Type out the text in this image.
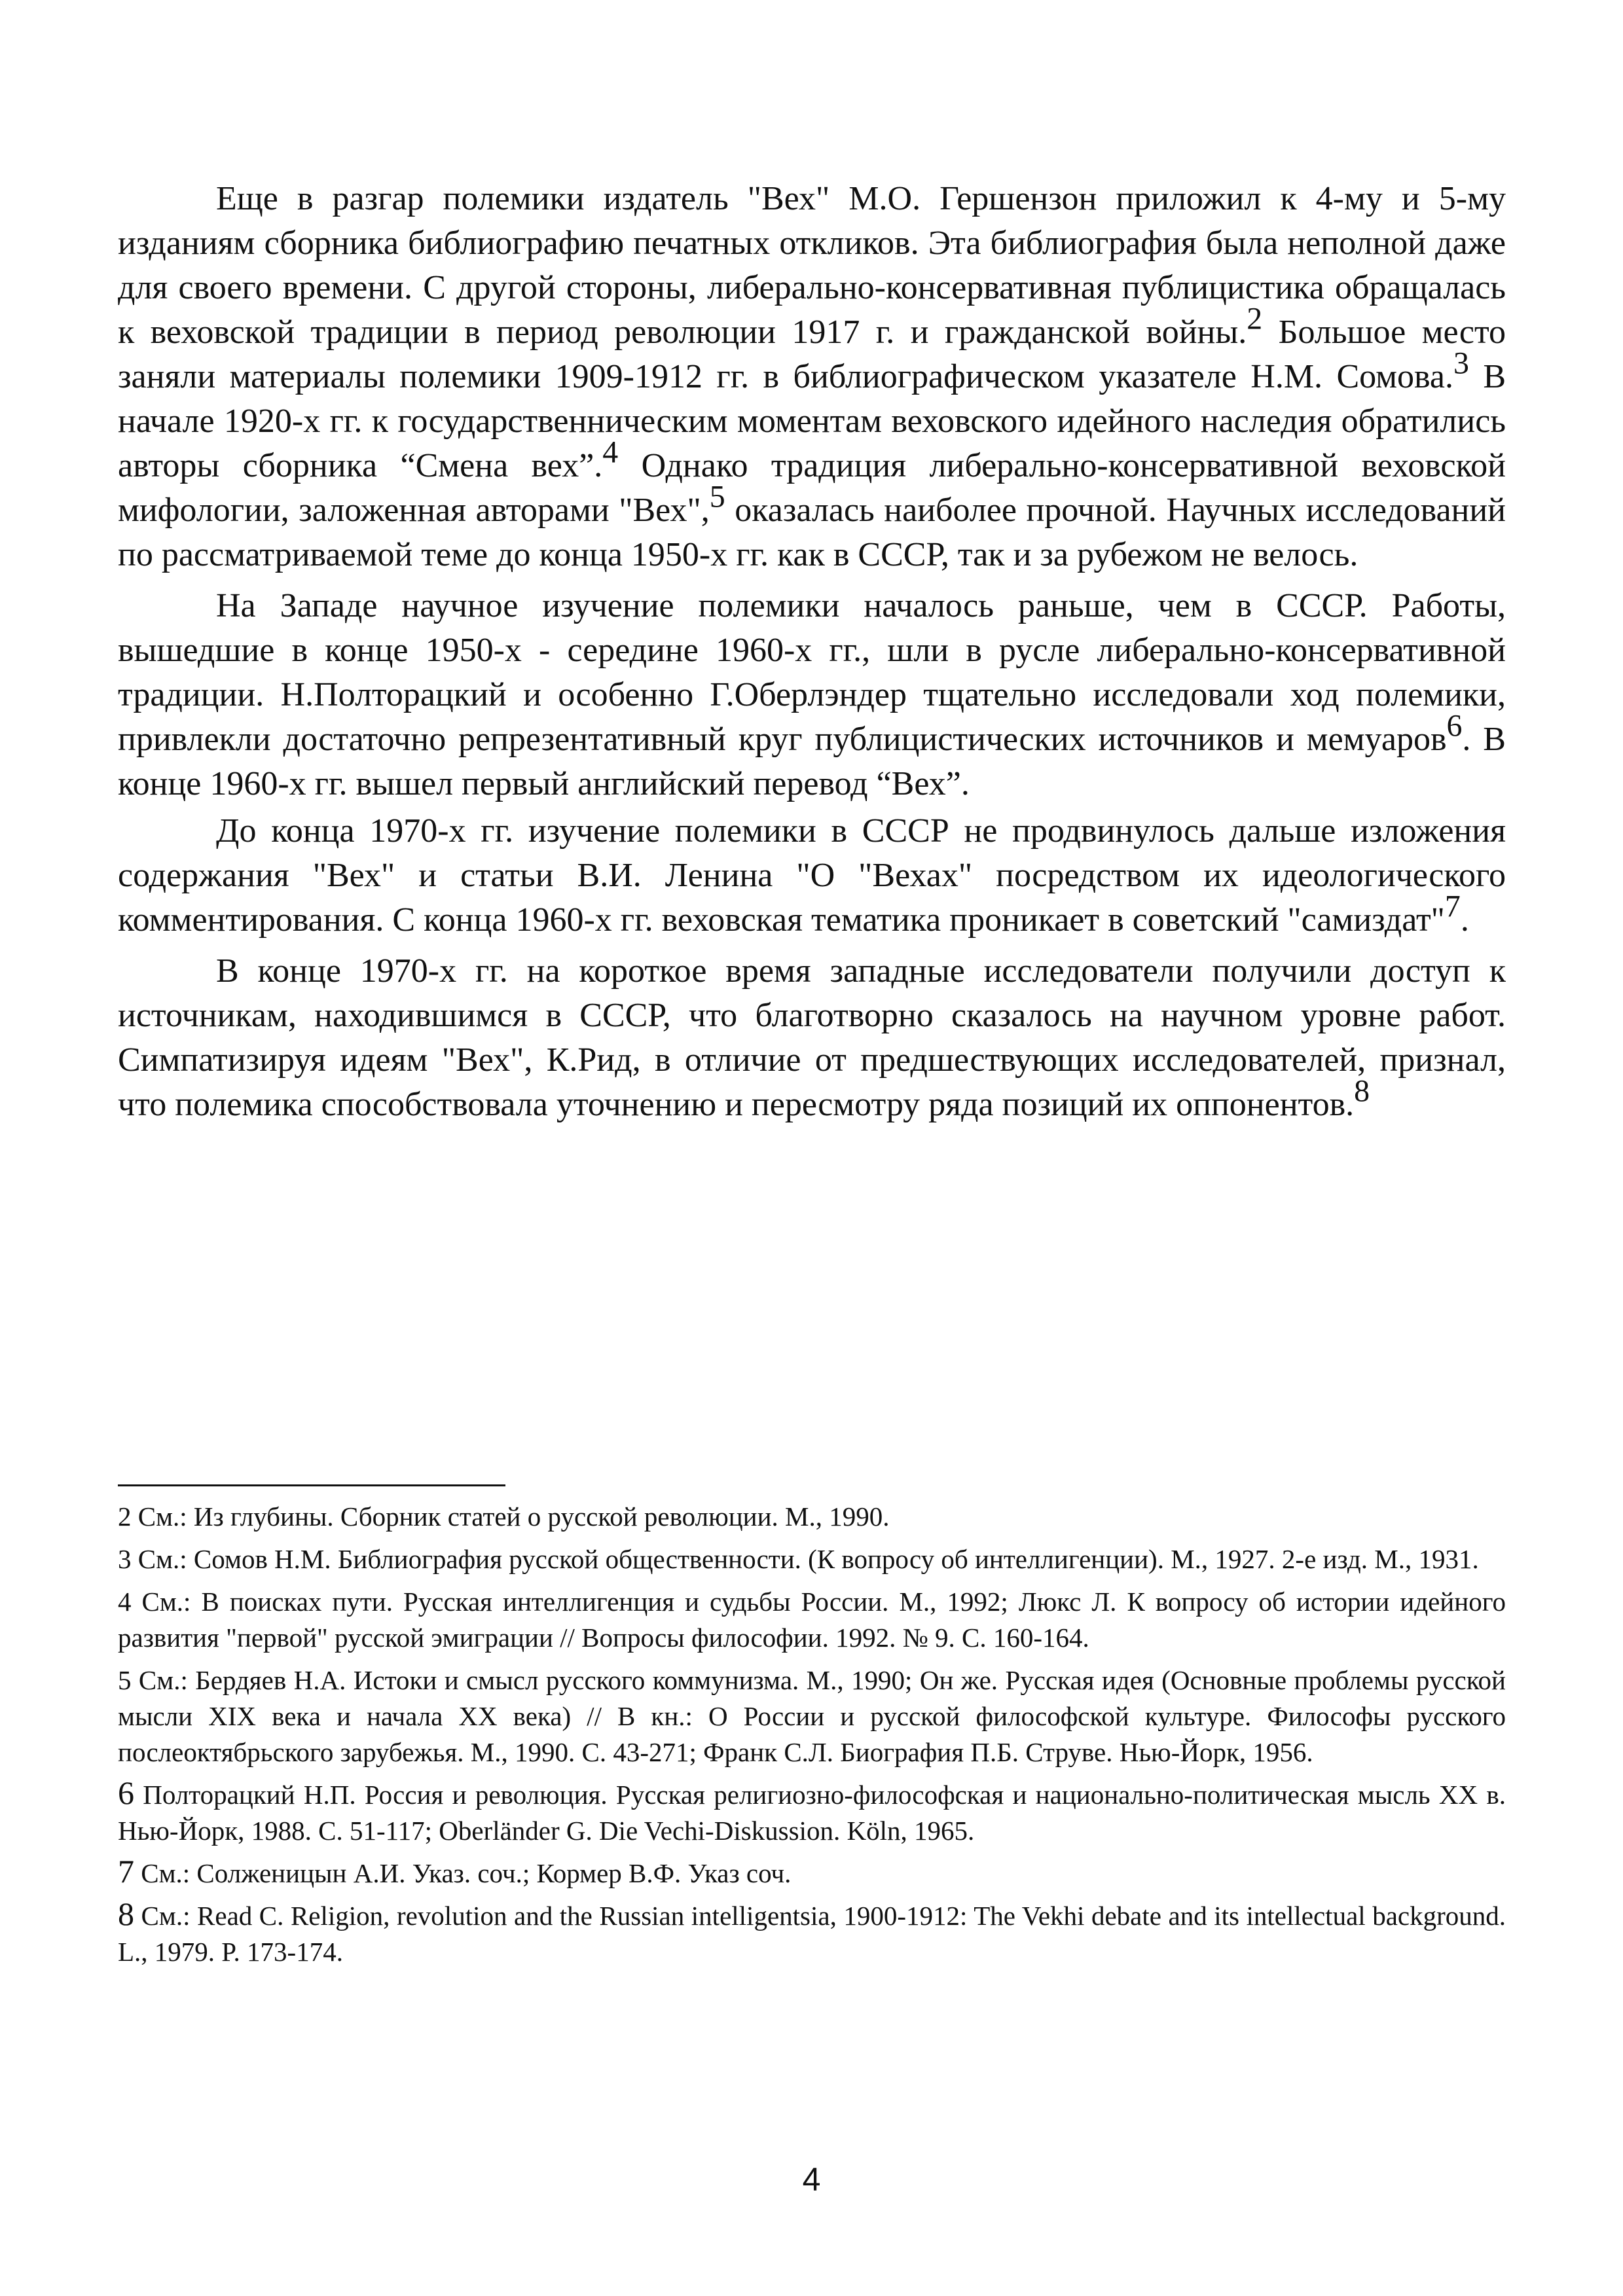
Еще в разгар полемики издатель "Вех" М.О. Гершензон приложил к 4-му и 5-му изданиям сборника библиографию печатных откликов. Эта библиография была неполной даже для своего времени. С другой стороны, либерально-консервативная публицистика обращалась к веховской традиции в период революции 1917 г. и гражданской войны.2 Большое место заняли материалы полемики 1909-1912 гг. в библиографическом указателе Н.М. Сомова.3 В начале 1920-х гг. к государственническим моментам веховского идейного наследия обратились авторы сборника “Смена вех”.4 Однако традиция либерально-консервативной веховской мифологии, заложенная авторами "Вех",5 оказалась наиболее прочной. Научных исследований по рассматриваемой теме до конца 1950-х гг. как в СССР, так и за рубежом не велось.

На Западе научное изучение полемики началось раньше, чем в СССР. Работы, вышедшие в конце 1950-х - середине 1960-х гг., шли в русле либерально-консервативной традиции. Н.Полторацкий и особенно Г.Оберлэндер тщательно исследовали ход полемики, привлекли достаточно репрезентативный круг публицистических источников и мемуаров6. В конце 1960-х гг. вышел первый английский перевод “Вех”.

До конца 1970-х гг. изучение полемики в СССР не продвинулось дальше изложения содержания "Вех" и статьи В.И. Ленина "О "Вехах" посредством их идеологического комментирования. С конца 1960-х гг. веховская тематика проникает в советский "самиздат"7.

В конце 1970-х гг. на короткое время западные исследователи получили доступ к источникам, находившимся в СССР, что благотворно сказалось на научном уровне работ. Симпатизируя идеям "Вех", К.Рид, в отличие от предшествующих исследователей, признал, что полемика способствовала уточнению и пересмотру ряда позиций их оппонентов.8

2 См.: Из глубины. Сборник статей о русской революции. М., 1990.

3 См.: Сомов Н.М. Библиография русской общественности. (К вопросу об интеллигенции). М., 1927. 2-е изд. М., 1931.

4 См.: В поисках пути. Русская интеллигенция и судьбы России. М., 1992; Люкс Л. К вопросу об истории идейного развития "первой" русской эмиграции // Вопросы философии. 1992. № 9. С. 160-164.

5 См.: Бердяев Н.А. Истоки и смысл русского коммунизма. М., 1990; Он же. Русская идея (Основные проблемы русской мысли XIX века и начала XX века) // В кн.: О России и русской философской культуре. Философы русского послеоктябрьского зарубежья. М., 1990. С. 43-271; Франк С.Л. Биография П.Б. Струве. Нью-Йорк, 1956.

6 Полторацкий Н.П. Россия и революция. Русская религиозно-философская и национально-политическая мысль XX в. Нью-Йорк, 1988. С. 51-117; Oberländer G. Die Vechi-Diskussion. Köln, 1965.

7 См.: Солженицын А.И. Указ. соч.; Кормер В.Ф. Указ соч.

8 См.: Read C. Religion, revolution and the Russian intelligentsia, 1900-1912: The Vekhi debate and its intellectual background. L., 1979. P. 173-174.

4
